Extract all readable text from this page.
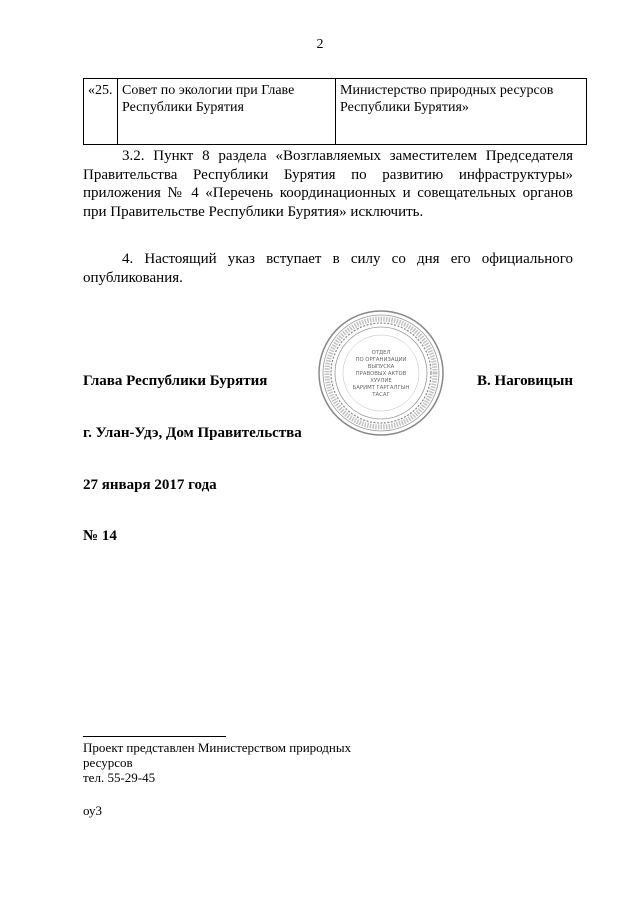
2
«25.	Совет по экологии при Главе Республики Бурятия	Министерство природных ресурсов Республики Бурятия»

3.2. Пункт 8 раздела «Возглавляемых заместителем Председателя Правительства Республики Бурятия по развитию инфраструктуры» приложения № 4 «Перечень координационных и совещательных органов при Правительстве Республики Бурятия» исключить.

4. Настоящий указ вступает в силу со дня его официального опубликования.

ОТДЕЛ
ПО ОРГАНИЗАЦИИ
ВЫПУСКА
ПРАВОВЫХ АКТОВ
ХУУЛИЕ
БАРИМТ ГАРГАЛГЫН
ТАСАГ
Глава Республики Бурятия	В. Наговицын
г. Улан-Удэ, Дом Правительства
27 января 2017 года
№ 14
Проект представлен Министерством природных
ресурсов
тел. 55-29-45
оу3
